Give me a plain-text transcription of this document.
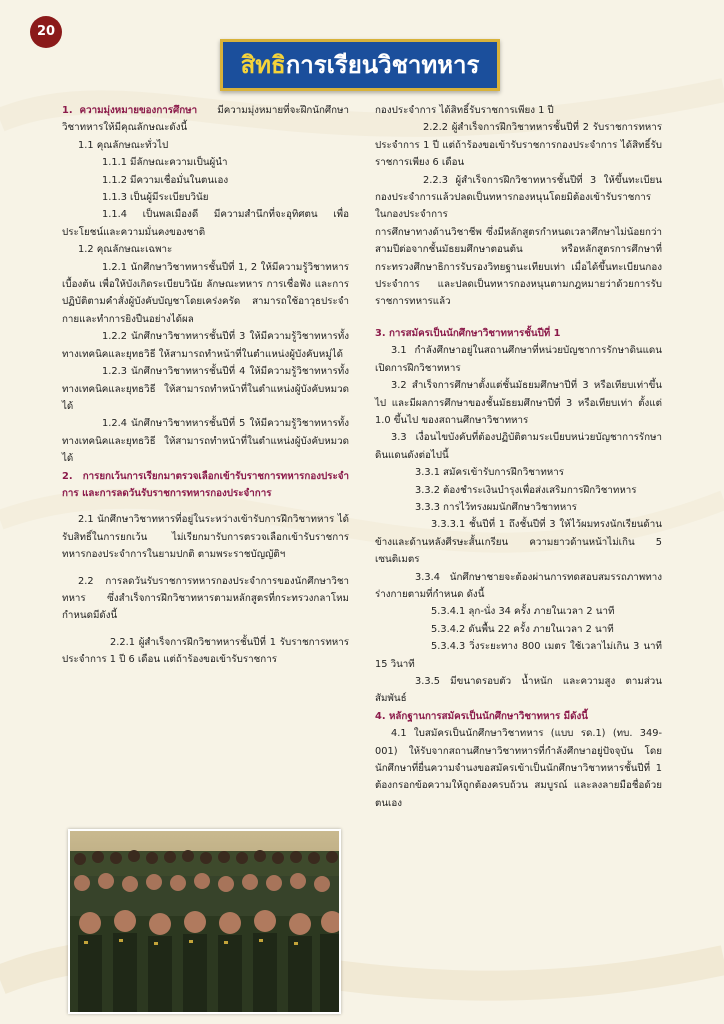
20
สิทธิ การเรียนวิชาทหาร

1. ความมุ่งหมายของการศึกษา มีความมุ่งหมายที่จะฝึกนักศึกษาวิชาทหารให้มีคุณลักษณะดังนี้

1.1 คุณลักษณะทั่วไป

1.1.1 มีลักษณะความเป็นผู้นำ

1.1.2 มีความเชื่อมั่นในตนเอง

1.1.3 เป็นผู้มีระเบียบวินัย

1.1.4 เป็นพลเมืองดี มีความสำนึกที่จะอุทิศตน เพื่อประโยชน์และความมั่นคงของชาติ

1.2 คุณลักษณะเฉพาะ

1.2.1 นักศึกษาวิชาทหารชั้นปีที่ 1, 2 ให้มีความรู้วิชาทหารเบื้องต้น เพื่อให้บังเกิดระเบียบวินัย ลักษณะทหาร การเชื่อฟัง และการปฏิบัติตามคำสั่งผู้บังคับบัญชาโดยเคร่งครัด สามารถใช้อาวุธประจำกายและทำการยิงปืนอย่างได้ผล

1.2.2 นักศึกษาวิชาทหารชั้นปีที่ 3 ให้มีความรู้วิชาทหารทั้งทางเทคนิคและยุทธวิธี ให้สามารถทำหน้าที่ในตำแหน่งผู้บังคับหมู่ได้

1.2.3 นักศึกษาวิชาทหารชั้นปีที่ 4 ให้มีความรู้วิชาทหารทั้งทางเทคนิคและยุทธวิธี ให้สามารถทำหน้าที่ในตำแหน่งผู้บังคับหมวดได้

1.2.4 นักศึกษาวิชาทหารชั้นปีที่ 5 ให้มีความรู้วิชาทหารทั้งทางเทคนิคและยุทธวิธี ให้สามารถทำหน้าที่ในตำแหน่งผู้บังคับหมวดได้

2. การยกเว้นการเรียกมาตรวจเลือกเข้ารับราชการทหารกองประจำการ และการลดวันรับราชการทหารกองประจำการ

2.1 นักศึกษาวิชาทหารที่อยู่ในระหว่างเข้ารับการฝึกวิชาทหาร ได้รับสิทธิ์ในการยกเว้น ไม่เรียกมารับการตรวจเลือกเข้ารับราชการทหารกองประจำการในยามปกติ ตามพระราชบัญญัติฯ

2.2 การลดวันรับราชการทหารกองประจำการของนักศึกษาวิชาทหาร ซึ่งสำเร็จการฝึกวิชาทหารตามหลักสูตรที่กระทรวงกลาโหมกำหนดมีดังนี้

2.2.1 ผู้สำเร็จการฝึกวิชาทหารชั้นปีที่ 1 รับราชการทหารประจำการ 1 ปี 6 เดือน แต่ถ้าร้องขอเข้ารับราชการ

กองประจำการ ได้สิทธิ์รับราชการเพียง 1 ปี

2.2.2 ผู้สำเร็จการฝึกวิชาทหารชั้นปีที่ 2 รับราชการทหารประจำการ 1 ปี แต่ถ้าร้องขอเข้ารับราชการกองประจำการ ได้สิทธิ์รับราชการเพียง 6 เดือน

2.2.3 ผู้สำเร็จการฝึกวิชาทหารชั้นปีที่ 3 ให้ขึ้นทะเบียนกองประจำการแล้วปลดเป็นทหารกองหนุนโดยมิต้องเข้ารับราชการในกองประจำการ

การศึกษาทางด้านวิชาชีพ ซึ่งมีหลักสูตรกำหนดเวลาศึกษาไม่น้อยกว่าสามปีต่อจากชั้นมัธยมศึกษาตอนต้น หรือหลักสูตรการศึกษาที่กระทรวงศึกษาธิการรับรองวิทยฐานะเทียบเท่า เมื่อได้ขึ้นทะเบียนกองประจำการ และปลดเป็นทหารกองหนุนตามกฎหมายว่าด้วยการรับราชการทหารแล้ว

3. การสมัครเป็นนักศึกษาวิชาทหารชั้นปีที่ 1

3.1 กำลังศึกษาอยู่ในสถานศึกษาที่หน่วยบัญชาการรักษาดินแดนเปิดการฝึกวิชาทหาร

3.2 สำเร็จการศึกษาตั้งแต่ชั้นมัธยมศึกษาปีที่ 3 หรือเทียบเท่าขึ้นไป และมีผลการศึกษาของชั้นมัธยมศึกษาปีที่ 3 หรือเทียบเท่า ตั้งแต่ 1.0 ขึ้นไป ของสถานศึกษาวิชาทหาร

3.3 เงื่อนไขบังคับที่ต้องปฏิบัติตามระเบียบหน่วยบัญชาการรักษาดินแดนดังต่อไปนี้

3.3.1 สมัครเข้ารับการฝึกวิชาทหาร

3.3.2 ต้องชำระเงินบำรุงเพื่อส่งเสริมการฝึกวิชาทหาร

3.3.3 การไว้ทรงผมนักศึกษาวิชาทหาร

3.3.3.1 ชั้นปีที่ 1 ถึงชั้นปีที่ 3 ให้ไว้ผมทรงนักเรียนด้านข้างและด้านหลังศีรษะสั้นเกรียน ความยาวด้านหน้าไม่เกิน 5 เซนติเมตร

3.3.4 นักศึกษาชายจะต้องผ่านการทดสอบสมรรถภาพทางร่างกายตามที่กำหนด ดังนี้

5.3.4.1 ลุก-นั่ง 34 ครั้ง ภายในเวลา 2 นาที

5.3.4.2 ดันพื้น 22 ครั้ง ภายในเวลา 2 นาที

5.3.4.3 วิ่งระยะทาง 800 เมตร ใช้เวลาไม่เกิน 3 นาที 15 วินาที

3.3.5 มีขนาดรอบตัว น้ำหนัก และความสูง ตามส่วนสัมพันธ์

4. หลักฐานการสมัครเป็นนักศึกษาวิชาทหาร มีดังนี้

4.1 ใบสมัครเป็นนักศึกษาวิชาทหาร (แบบ รด.1) (ทบ. 349-001) ให้รับจากสถานศึกษาวิชาทหารที่กำลังศึกษาอยู่ปัจจุบัน โดยนักศึกษาที่ยื่นความจำนงขอสมัครเข้าเป็นนักศึกษาวิชาทหารชั้นปีที่ 1 ต้องกรอกข้อความให้ถูกต้องครบถ้วน สมบูรณ์ และลงลายมือชื่อด้วยตนเอง
